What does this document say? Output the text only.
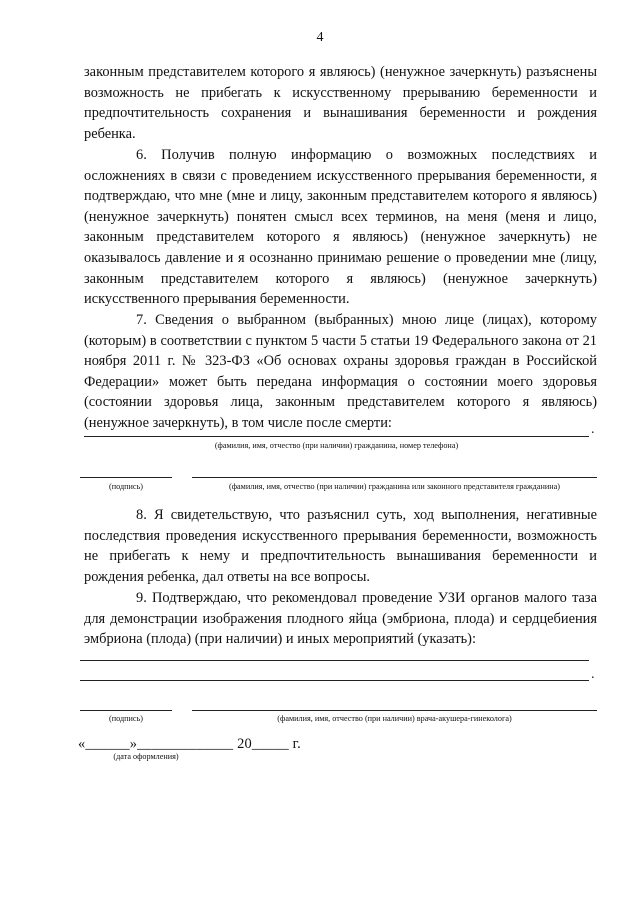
4

законным представителем которого я являюсь) (ненужное зачеркнуть) разъяснены возможность не прибегать к искусственному прерыванию беременности и предпочтительность сохранения и вынашивания беременности и рождения ребенка.

6. Получив полную информацию о возможных последствиях и осложнениях в связи с проведением искусственного прерывания беременности, я подтверждаю, что мне (мне и лицу, законным представителем которого я являюсь) (ненужное зачеркнуть) понятен смысл всех терминов, на меня (меня и лицо, законным представителем которого я являюсь) (ненужное зачеркнуть) не оказывалось давление и я осознанно принимаю решение о проведении мне (лицу, законным представителем которого я являюсь) (ненужное зачеркнуть) искусственного прерывания беременности.

7. Сведения о выбранном (выбранных) мною лице (лицах), которому (которым) в соответствии с пунктом 5 части 5 статьи 19 Федерального закона от 21 ноября 2011 г. № 323-ФЗ «Об основах охраны здоровья граждан в Российской Федерации» может быть передана информация о состоянии моего здоровья (состоянии здоровья лица, законным представителем которого я являюсь) (ненужное зачеркнуть), в том числе после смерти:	.
(фамилия, имя, отчество (при наличии) гражданина, номер телефона)
(подпись)	(фамилия, имя, отчество (при наличии) гражданина или законного представителя гражданина)

8. Я свидетельствую, что разъяснил суть, ход выполнения, негативные последствия проведения искусственного прерывания беременности, возможность не прибегать к нему и предпочтительность вынашивания беременности и рождения ребенка, дал ответы на все вопросы.

9. Подтверждаю, что рекомендовал проведение УЗИ органов малого таза для демонстрации изображения плодного яйца (эмбриона, плода) и сердцебиения эмбриона (плода) (при наличии) и иных мероприятий (указать):

.
(подпись)	(фамилия, имя, отчество (при наличии) врача-акушера-гинеколога)
«______»_____________ 20_____ г.
(дата оформления)
